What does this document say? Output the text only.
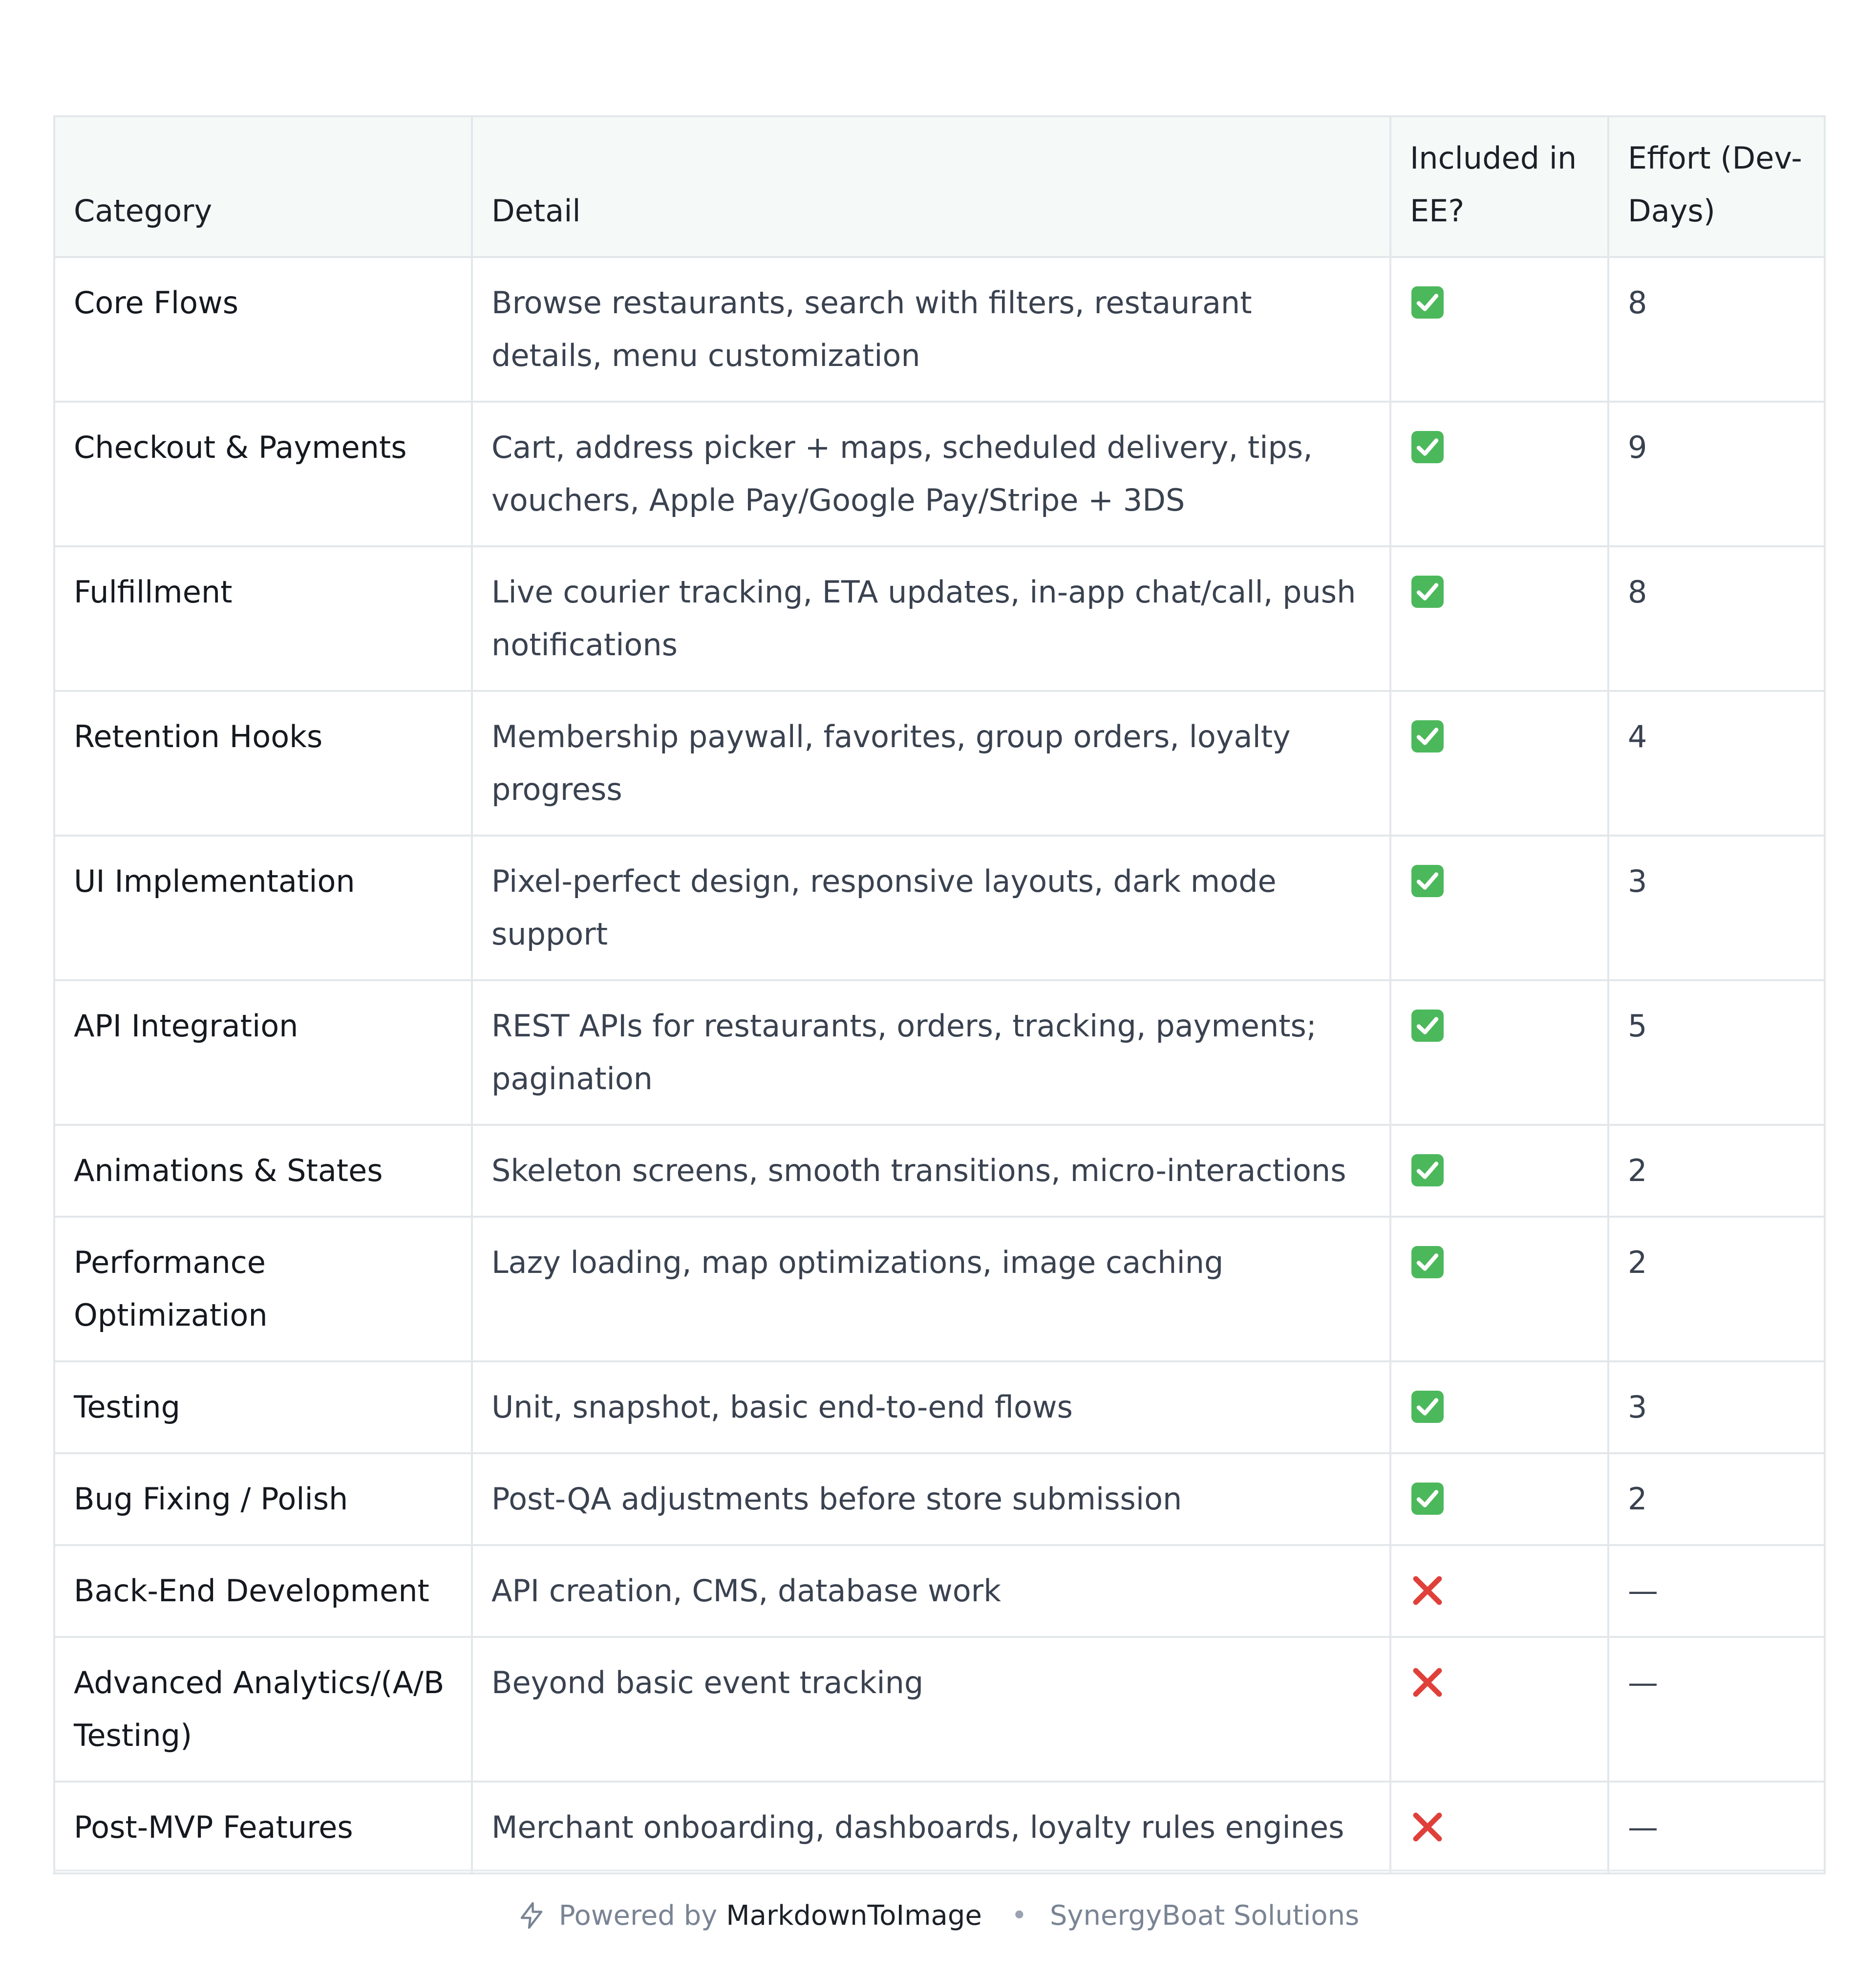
Category	Detail	Included in EE?	Effort (Dev-Days)
Core Flows	Browse restaurants, search with filters, restaurant details, menu customization		8
Checkout & Payments	Cart, address picker + maps, scheduled delivery, tips, vouchers, Apple Pay/Google Pay/Stripe + 3DS		9
Fulfillment	Live courier tracking, ETA updates, in-app chat/call, push notifications		8
Retention Hooks	Membership paywall, favorites, group orders, loyalty progress		4
UI Implementation	Pixel-perfect design, responsive layouts, dark mode support		3
API Integration	REST APIs for restaurants, orders, tracking, payments; pagination		5
Animations & States	Skeleton screens, smooth transitions, micro-interactions		2
Performance Optimization	Lazy loading, map optimizations, image caching		2
Testing	Unit, snapshot, basic end-to-end flows		3
Bug Fixing / Polish	Post-QA adjustments before store submission		2
Back-End Development	API creation, CMS, database work		—
Advanced Analytics/(A/B Testing)	Beyond basic event tracking		—
Post-MVP Features	Merchant onboarding, dashboards, loyalty rules engines		—
Powered by MarkdownToImage • SynergyBoat Solutions
